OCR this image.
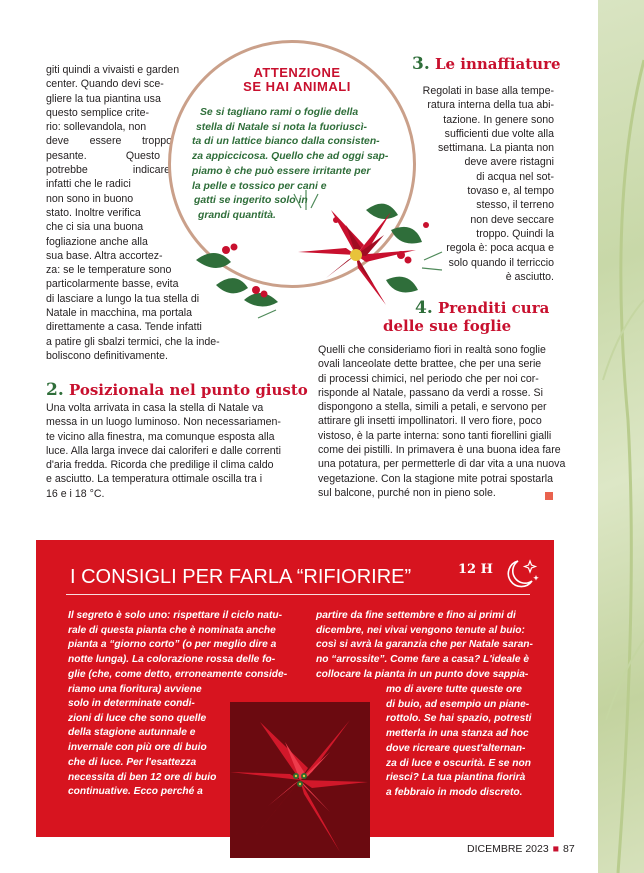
giti quindi a vivaisti e garden
center. Quando devi sce-
gliere la tua piantina usa
questo semplice crite-
rio: sollevandola, non
deve essere troppo
pesante. Questo
potrebbe indicare
infatti che le radici
non sono in buono
stato. Inoltre verifica
che ci sia una buona
fogliazione anche alla
sua base. Altra accortez-
za: se le temperature sono
particolarmente basse, evita
di lasciare a lungo la tua stella di
Natale in macchina, ma portala
direttamente a casa. Tende infatti
a patire gli sbalzi termici, che la inde-
boliscono definitivamente.
ATTENZIONE
SE HAI ANIMALI
Se si tagliano rami o foglie della
stella di Natale si nota la fuoriuscì-
ta di un lattice bianco dalla consisten-
za appiccicosa. Quello che ad oggi sap-
piamo è che può essere irritante per
la pelle e tossico per cani e
gatti se ingerito solo in
grandi quantità.
3. Le innaffiature
Regolati in base alla tempe-
ratura interna della tua abi-
tazione. In genere sono
sufficienti due volte alla
settimana. La pianta non
deve avere ristagni
di acqua nel sot-
tovaso e, al tempo
stesso, il terreno
non deve seccare
troppo. Quindi la
regola è: poca acqua e
solo quando il terriccio
è asciutto.
4. Prenditi cura
delle sue foglie
Quelli che consideriamo fiori in realtà sono foglie
ovali lanceolate dette brattee, che per una serie
di processi chimici, nel periodo che per noi cor-
risponde al Natale, passano da verdi a rosse. Si
dispongono a stella, simili a petali, e servono per
attirare gli insetti impollinatori. Il vero fiore, poco
vistoso, è la parte interna: sono tanti fiorellini gialli
come dei pistilli. In primavera è una buona idea fare
una potatura, per permetterle di dar vita a una nuova
vegetazione. Con la stagione mite potrai spostarla
sul balcone, purché non in pieno sole.
2. Posizionala nel punto giusto
Una volta arrivata in casa la stella di Natale va
messa in un luogo luminoso. Non necessariamen-
te vicino alla finestra, ma comunque esposta alla
luce. Alla larga invece dai caloriferi e dalle correnti
d'aria fredda. Ricorda che predilige il clima caldo
e asciutto. La temperatura ottimale oscilla tra i
16 e i 18 °C.
I CONSIGLI PER FARLA “RIFIORIRE”	12 H
Il segreto è solo uno: rispettare il ciclo natu-
rale di questa pianta che è nominata anche
pianta a “giorno corto” (o per meglio dire a
notte lunga). La colorazione rossa delle fo-
glie (che, come detto, erroneamente conside-
riamo una fioritura) avviene
solo in determinate condi-
zioni di luce che sono quelle
della stagione autunnale e
invernale con più ore di buio
che di luce. Per l'esattezza
necessita di ben 12 ore di buio
continuative. Ecco perché a
partire da fine settembre e fino ai primi di
dicembre, nei vivai vengono tenute al buio:
così si avrà la garanzia che per Natale saran-
no “arrossite”. Come fare a casa? L'ideale è
collocare la pianta in un punto dove sappia-
mo di avere tutte queste ore
di buio, ad esempio un piane-
rottolo. Se hai spazio, potresti
metterla in una stanza ad hoc
dove ricreare quest'alternan-
za di luce e oscurità. E se non
riesci? La tua piantina fiorirà
a febbraio in modo discreto.
DICEMBRE 2023 ■ 87
